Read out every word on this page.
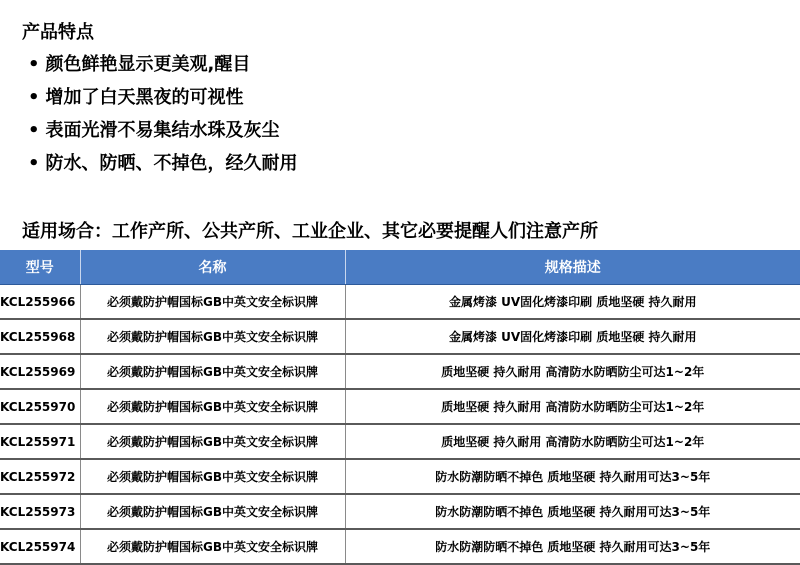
产品特点
• 颜色鲜艳显示更美观,醒目
• 增加了白天黑夜的可视性
• 表面光滑不易集结水珠及灰尘
• 防水、防晒、不掉色，经久耐用
适用场合：工作产所、公共产所、工业企业、其它必要提醒人们注意产所
型号	名称	规格描述
KCL255966	必须戴防护帽国标GB中英文安全标识牌	金属烤漆 UV固化烤漆印刷 质地坚硬 持久耐用
KCL255968	必须戴防护帽国标GB中英文安全标识牌	金属烤漆 UV固化烤漆印刷 质地坚硬 持久耐用
KCL255969	必须戴防护帽国标GB中英文安全标识牌	质地坚硬 持久耐用 高清防水防晒防尘可达1~2年
KCL255970	必须戴防护帽国标GB中英文安全标识牌	质地坚硬 持久耐用 高清防水防晒防尘可达1~2年
KCL255971	必须戴防护帽国标GB中英文安全标识牌	质地坚硬 持久耐用 高清防水防晒防尘可达1~2年
KCL255972	必须戴防护帽国标GB中英文安全标识牌	防水防潮防晒不掉色 质地坚硬 持久耐用可达3~5年
KCL255973	必须戴防护帽国标GB中英文安全标识牌	防水防潮防晒不掉色 质地坚硬 持久耐用可达3~5年
KCL255974	必须戴防护帽国标GB中英文安全标识牌	防水防潮防晒不掉色 质地坚硬 持久耐用可达3~5年
